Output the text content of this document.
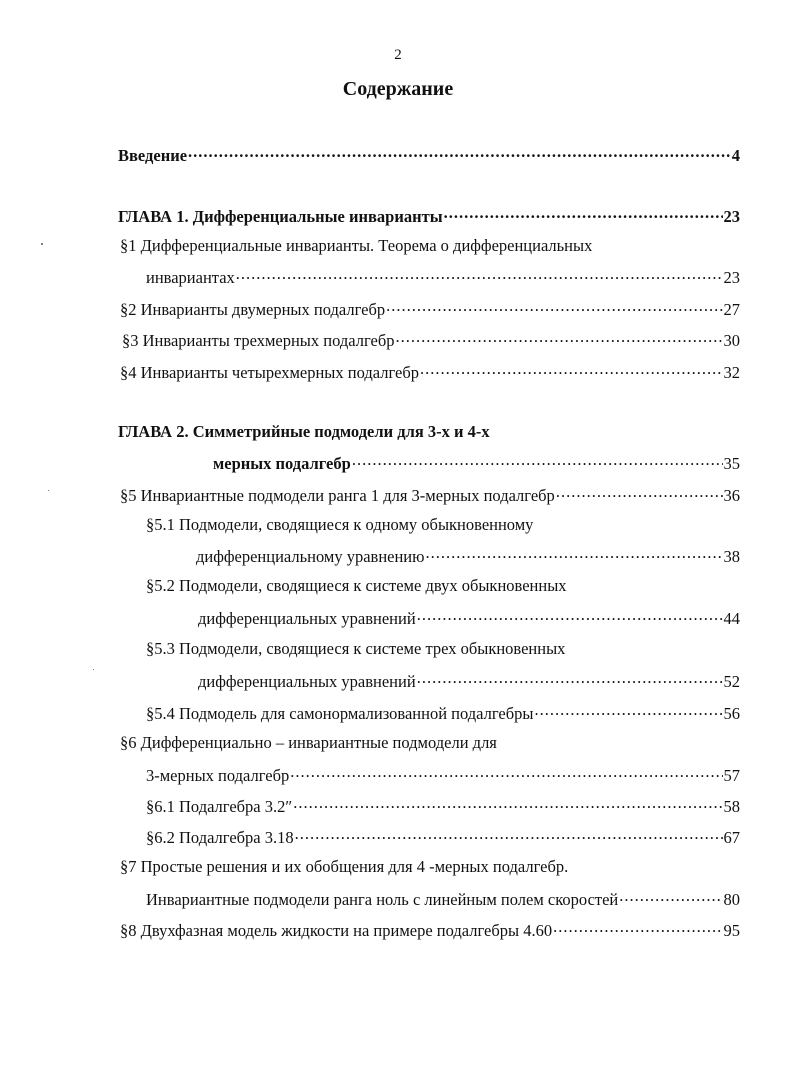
2
Содержание
Введение .....	4
ГЛАВА 1. Дифференциальные инварианты .....	23
§1 Дифференциальные инварианты. Теорема о дифференциальных
инвариантах .....	23
§2 Инварианты двумерных подалгебр .....	27
§3 Инварианты трехмерных подалгебр .....	30
§4 Инварианты четырехмерных подалгебр .....	32
ГЛАВА 2. Симметрийные подмодели для 3-х и 4-х
мерных подалгебр .....	35
§5 Инвариантные подмодели ранга 1 для 3-мерных подалгебр .....	36
§5.1 Подмодели, сводящиеся к одному обыкновенному
дифференциальному уравнению .....	38
§5.2 Подмодели, сводящиеся к системе двух обыкновенных
дифференциальных уравнений .....	44
§5.3 Подмодели, сводящиеся к системе трех обыкновенных
дифференциальных уравнений .....	52
§5.4 Подмодель для самонормализованной подалгебры .....	56
§6 Дифференциально – инвариантные подмодели для
3-мерных подалгебр .....	57
§6.1 Подалгебра 3.2″ .....	58
§6.2 Подалгебра 3.18 .....	67
§7 Простые решения и их обобщения для 4 -мерных подалгебр.
Инвариантные подмодели ранга ноль с линейным полем скоростей .....	80
§8 Двухфазная модель жидкости на примере подалгебры 4.60 .....	95
